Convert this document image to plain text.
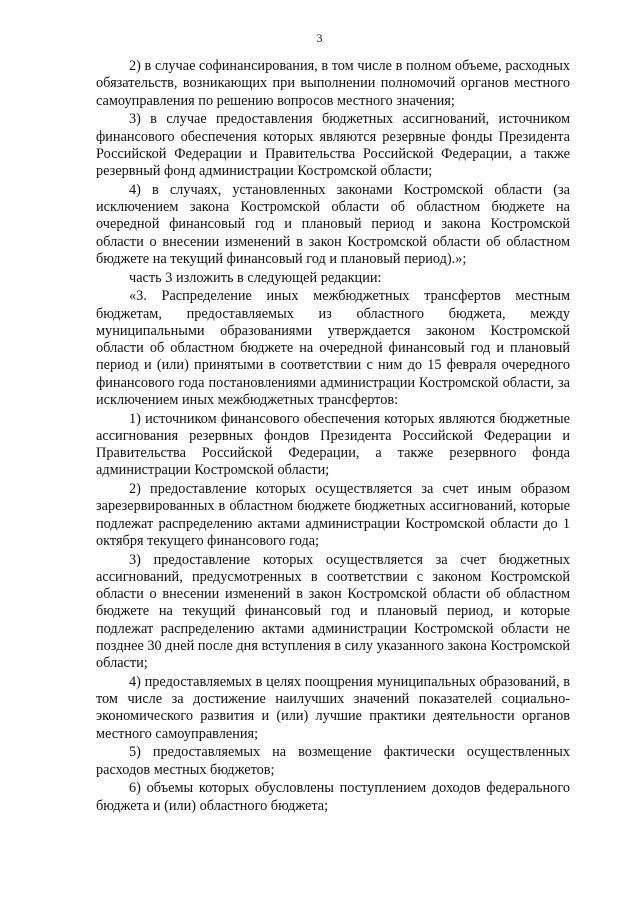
3

2) в случае софинансирования, в том числе в полном объеме, расходных обязательств, возникающих при выполнении полномочий органов местного самоуправления по решению вопросов местного значения;

3) в случае предоставления бюджетных ассигнований, источником финансового обеспечения которых являются резервные фонды Президента Российской Федерации и Правительства Российской Федерации, а также резервный фонд администрации Костромской области;

4) в случаях, установленных законами Костромской области (за исключением закона Костромской области об областном бюджете на очередной финансовый год и плановый период и закона Костромской области о внесении изменений в закон Костромской области об областном бюджете на текущий финансовый год и плановый период).»;

часть 3 изложить в следующей редакции:

«3. Распределение иных межбюджетных трансфертов местным бюджетам, предоставляемых из областного бюджета, между муниципальными образованиями утверждается законом Костромской области об областном бюджете на очередной финансовый год и плановый период и (или) принятыми в соответствии с ним до 15 февраля очередного финансового года постановлениями администрации Костромской области, за исключением иных межбюджетных трансфертов:

1) источником финансового обеспечения которых являются бюджетные ассигнования резервных фондов Президента Российской Федерации и Правительства Российской Федерации, а также резервного фонда администрации Костромской области;

2) предоставление которых осуществляется за счет иным образом зарезервированных в областном бюджете бюджетных ассигнований, которые подлежат распределению актами администрации Костромской области до 1 октября текущего финансового года;

3) предоставление которых осуществляется за счет бюджетных ассигнований, предусмотренных в соответствии с законом Костромской области о внесении изменений в закон Костромской области об областном бюджете на текущий финансовый год и плановый период, и которые подлежат распределению актами администрации Костромской области не позднее 30 дней после дня вступления в силу указанного закона Костромской области;

4) предоставляемых в целях поощрения муниципальных образований, в том числе за достижение наилучших значений показателей социально-экономического развития и (или) лучшие практики деятельности органов местного самоуправления;

5) предоставляемых на возмещение фактически осуществленных расходов местных бюджетов;

6) объемы которых обусловлены поступлением доходов федерального бюджета и (или) областного бюджета;
